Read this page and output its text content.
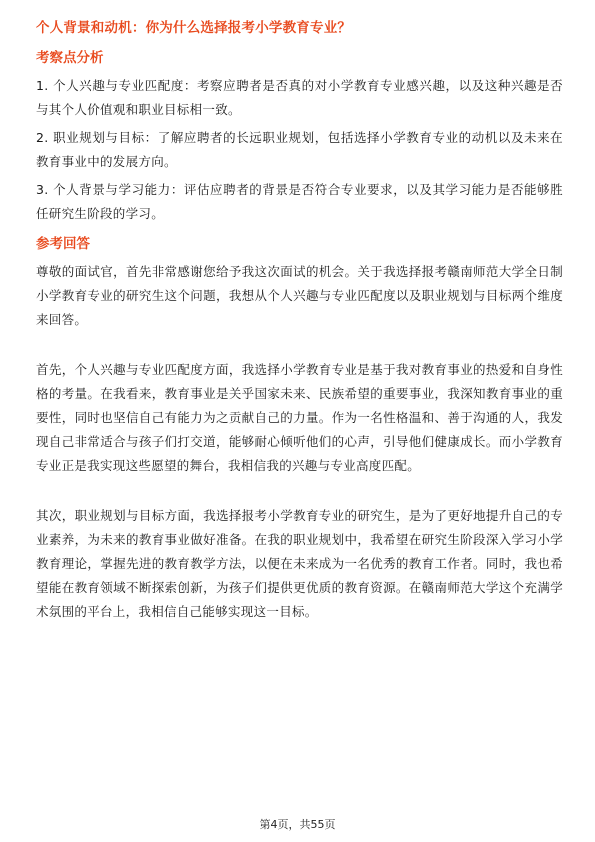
个人背景和动机：你为什么选择报考小学教育专业？
考察点分析

1. 个人兴趣与专业匹配度：考察应聘者是否真的对小学教育专业感兴趣，以及这种兴趣是否与其个人价值观和职业目标相一致。

2. 职业规划与目标：了解应聘者的长远职业规划，包括选择小学教育专业的动机以及未来在教育事业中的发展方向。

3. 个人背景与学习能力：评估应聘者的背景是否符合专业要求，以及其学习能力是否能够胜任研究生阶段的学习。

参考回答

尊敬的面试官，首先非常感谢您给予我这次面试的机会。关于我选择报考赣南师范大学全日制小学教育专业的研究生这个问题，我想从个人兴趣与专业匹配度以及职业规划与目标两个维度来回答。

首先，个人兴趣与专业匹配度方面，我选择小学教育专业是基于我对教育事业的热爱和自身性格的考量。在我看来，教育事业是关乎国家未来、民族希望的重要事业，我深知教育事业的重要性，同时也坚信自己有能力为之贡献自己的力量。作为一名性格温和、善于沟通的人，我发现自己非常适合与孩子们打交道，能够耐心倾听他们的心声，引导他们健康成长。而小学教育专业正是我实现这些愿望的舞台，我相信我的兴趣与专业高度匹配。

其次，职业规划与目标方面，我选择报考小学教育专业的研究生，是为了更好地提升自己的专业素养，为未来的教育事业做好准备。在我的职业规划中，我希望在研究生阶段深入学习小学教育理论，掌握先进的教育教学方法，以便在未来成为一名优秀的教育工作者。同时，我也希望能在教育领域不断探索创新，为孩子们提供更优质的教育资源。在赣南师范大学这个充满学术氛围的平台上，我相信自己能够实现这一目标。

第4页，共55页
